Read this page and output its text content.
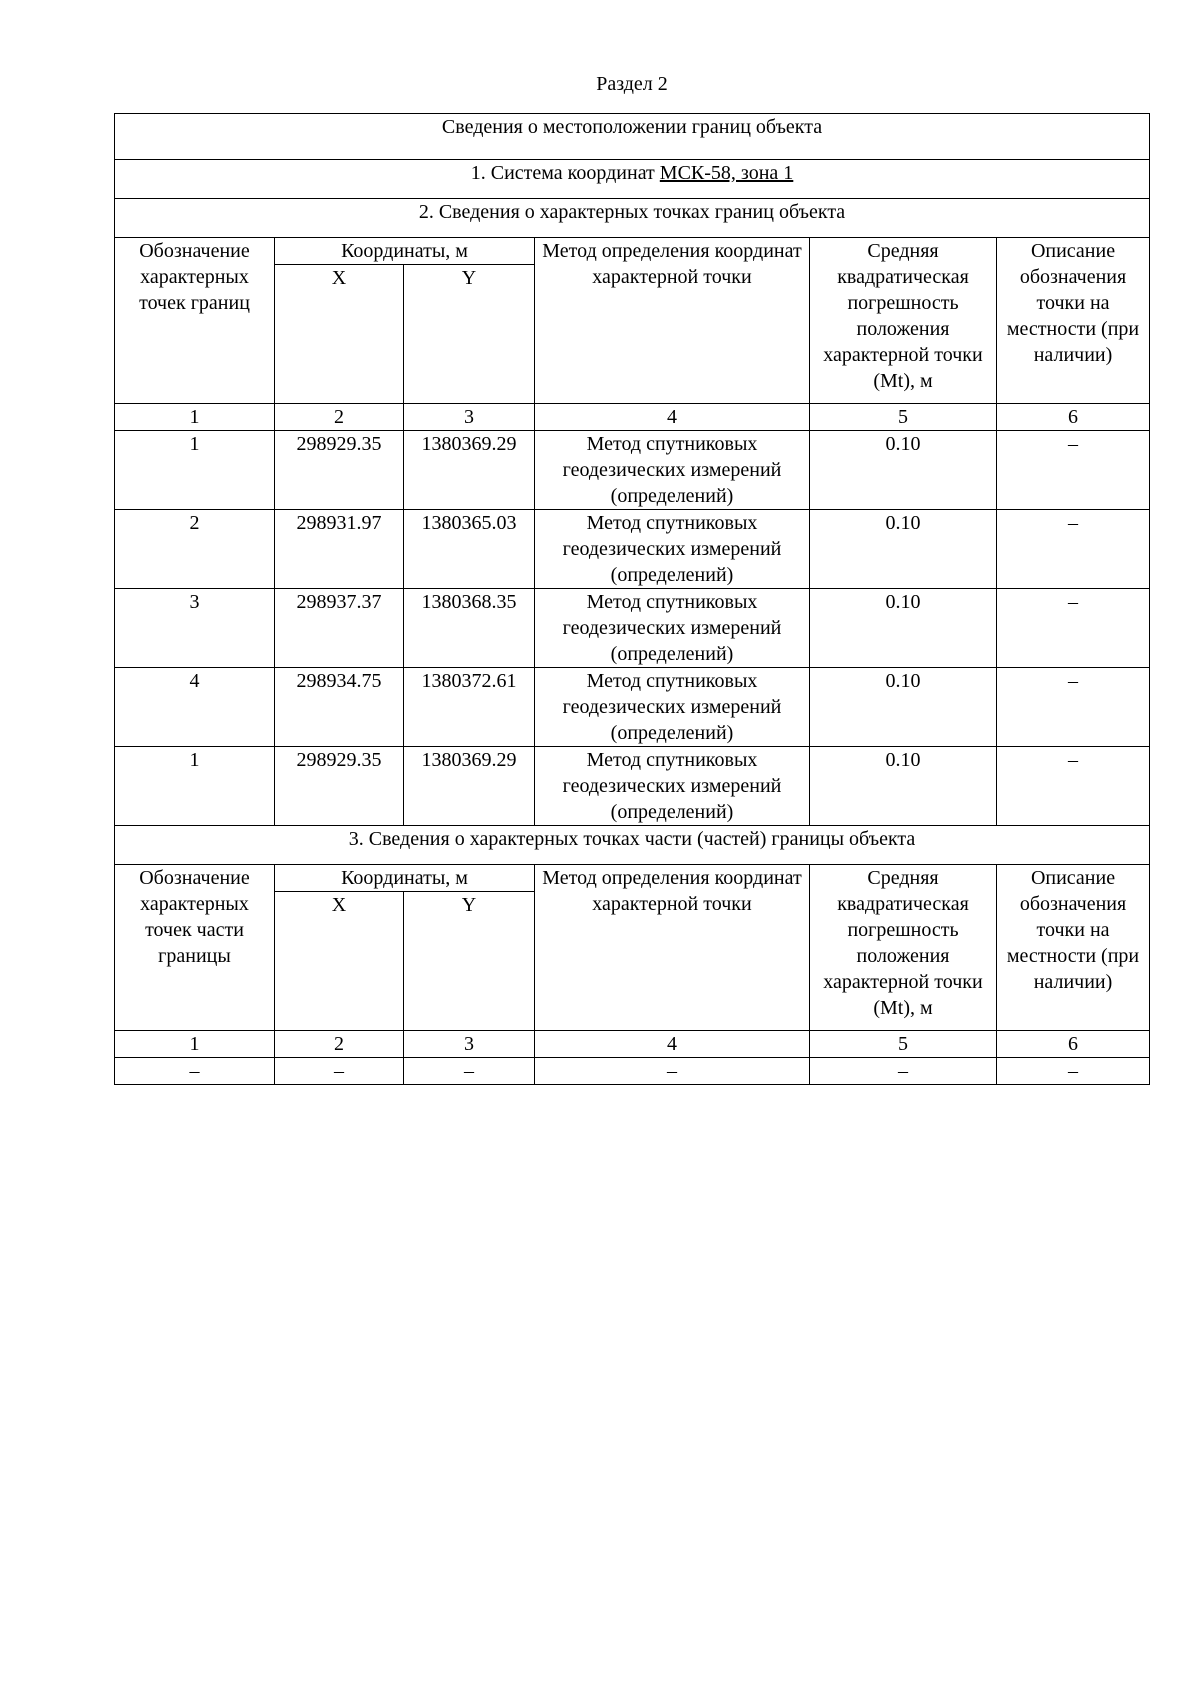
Раздел 2
Сведения о местоположении границ объекта					
1. Система координат МСК-58, зона 1					
2. Сведения о характерных точках границ объекта					
Обозначение характерных точек границ	Координаты, м		Метод определения координат характерной точки	Средняя квадратическая погрешность положения характерной точки (Мt), м	Описание обозначения точки на местности (при наличии)
	X	Y			
1	2	3	4	5	6
1	298929.35	1380369.29	Метод спутниковых геодезических измерений (определений)	0.10	–
2	298931.97	1380365.03	Метод спутниковых геодезических измерений (определений)	0.10	–
3	298937.37	1380368.35	Метод спутниковых геодезических измерений (определений)	0.10	–
4	298934.75	1380372.61	Метод спутниковых геодезических измерений (определений)	0.10	–
1	298929.35	1380369.29	Метод спутниковых геодезических измерений (определений)	0.10	–
3. Сведения о характерных точках части (частей) границы объекта					
Обозначение характерных точек части границы	Координаты, м		Метод определения координат характерной точки	Средняя квадратическая погрешность положения характерной точки (Мt), м	Описание обозначения точки на местности (при наличии)
	X	Y			
1	2	3	4	5	6
–	–	–	–	–	–
